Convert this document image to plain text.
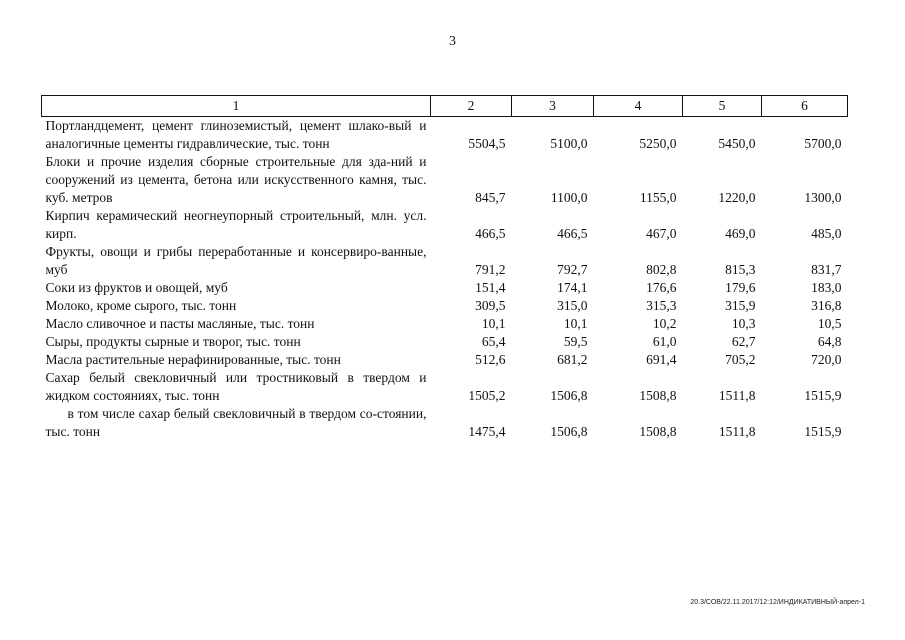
3
1	2	3	4	5	6
Портландцемент, цемент глиноземистый, цемент шлако-вый и аналогичные цементы гидравлические, тыс. тонн	5504,5	5100,0	5250,0	5450,0	5700,0
Блоки и прочие изделия сборные строительные для зда-ний и сооружений из цемента, бетона или искусственного камня, тыс. куб. метров	845,7	1100,0	1155,0	1220,0	1300,0
Кирпич керамический неогнеупорный строительный, млн. усл. кирп.	466,5	466,5	467,0	469,0	485,0
Фрукты, овощи и грибы переработанные и консервиро-ванные, муб	791,2	792,7	802,8	815,3	831,7
Соки из фруктов и овощей, муб	151,4	174,1	176,6	179,6	183,0
Молоко, кроме сырого, тыс. тонн	309,5	315,0	315,3	315,9	316,8
Масло сливочное и пасты масляные, тыс. тонн	10,1	10,1	10,2	10,3	10,5
Сыры, продукты сырные и творог, тыс. тонн	65,4	59,5	61,0	62,7	64,8
Масла растительные нерафинированные, тыс. тонн	512,6	681,2	691,4	705,2	720,0
Сахар белый свекловичный или тростниковый в твердом и жидком состояниях, тыс. тонн	1505,2	1506,8	1508,8	1511,8	1515,9
в том числе сахар белый свекловичный в твердом со-стоянии, тыс. тонн	1475,4	1506,8	1508,8	1511,8	1515,9
20.3/СОВ/22.11.2017/12:12/ИНДИКАТИВНЫЙ-апрел-1
